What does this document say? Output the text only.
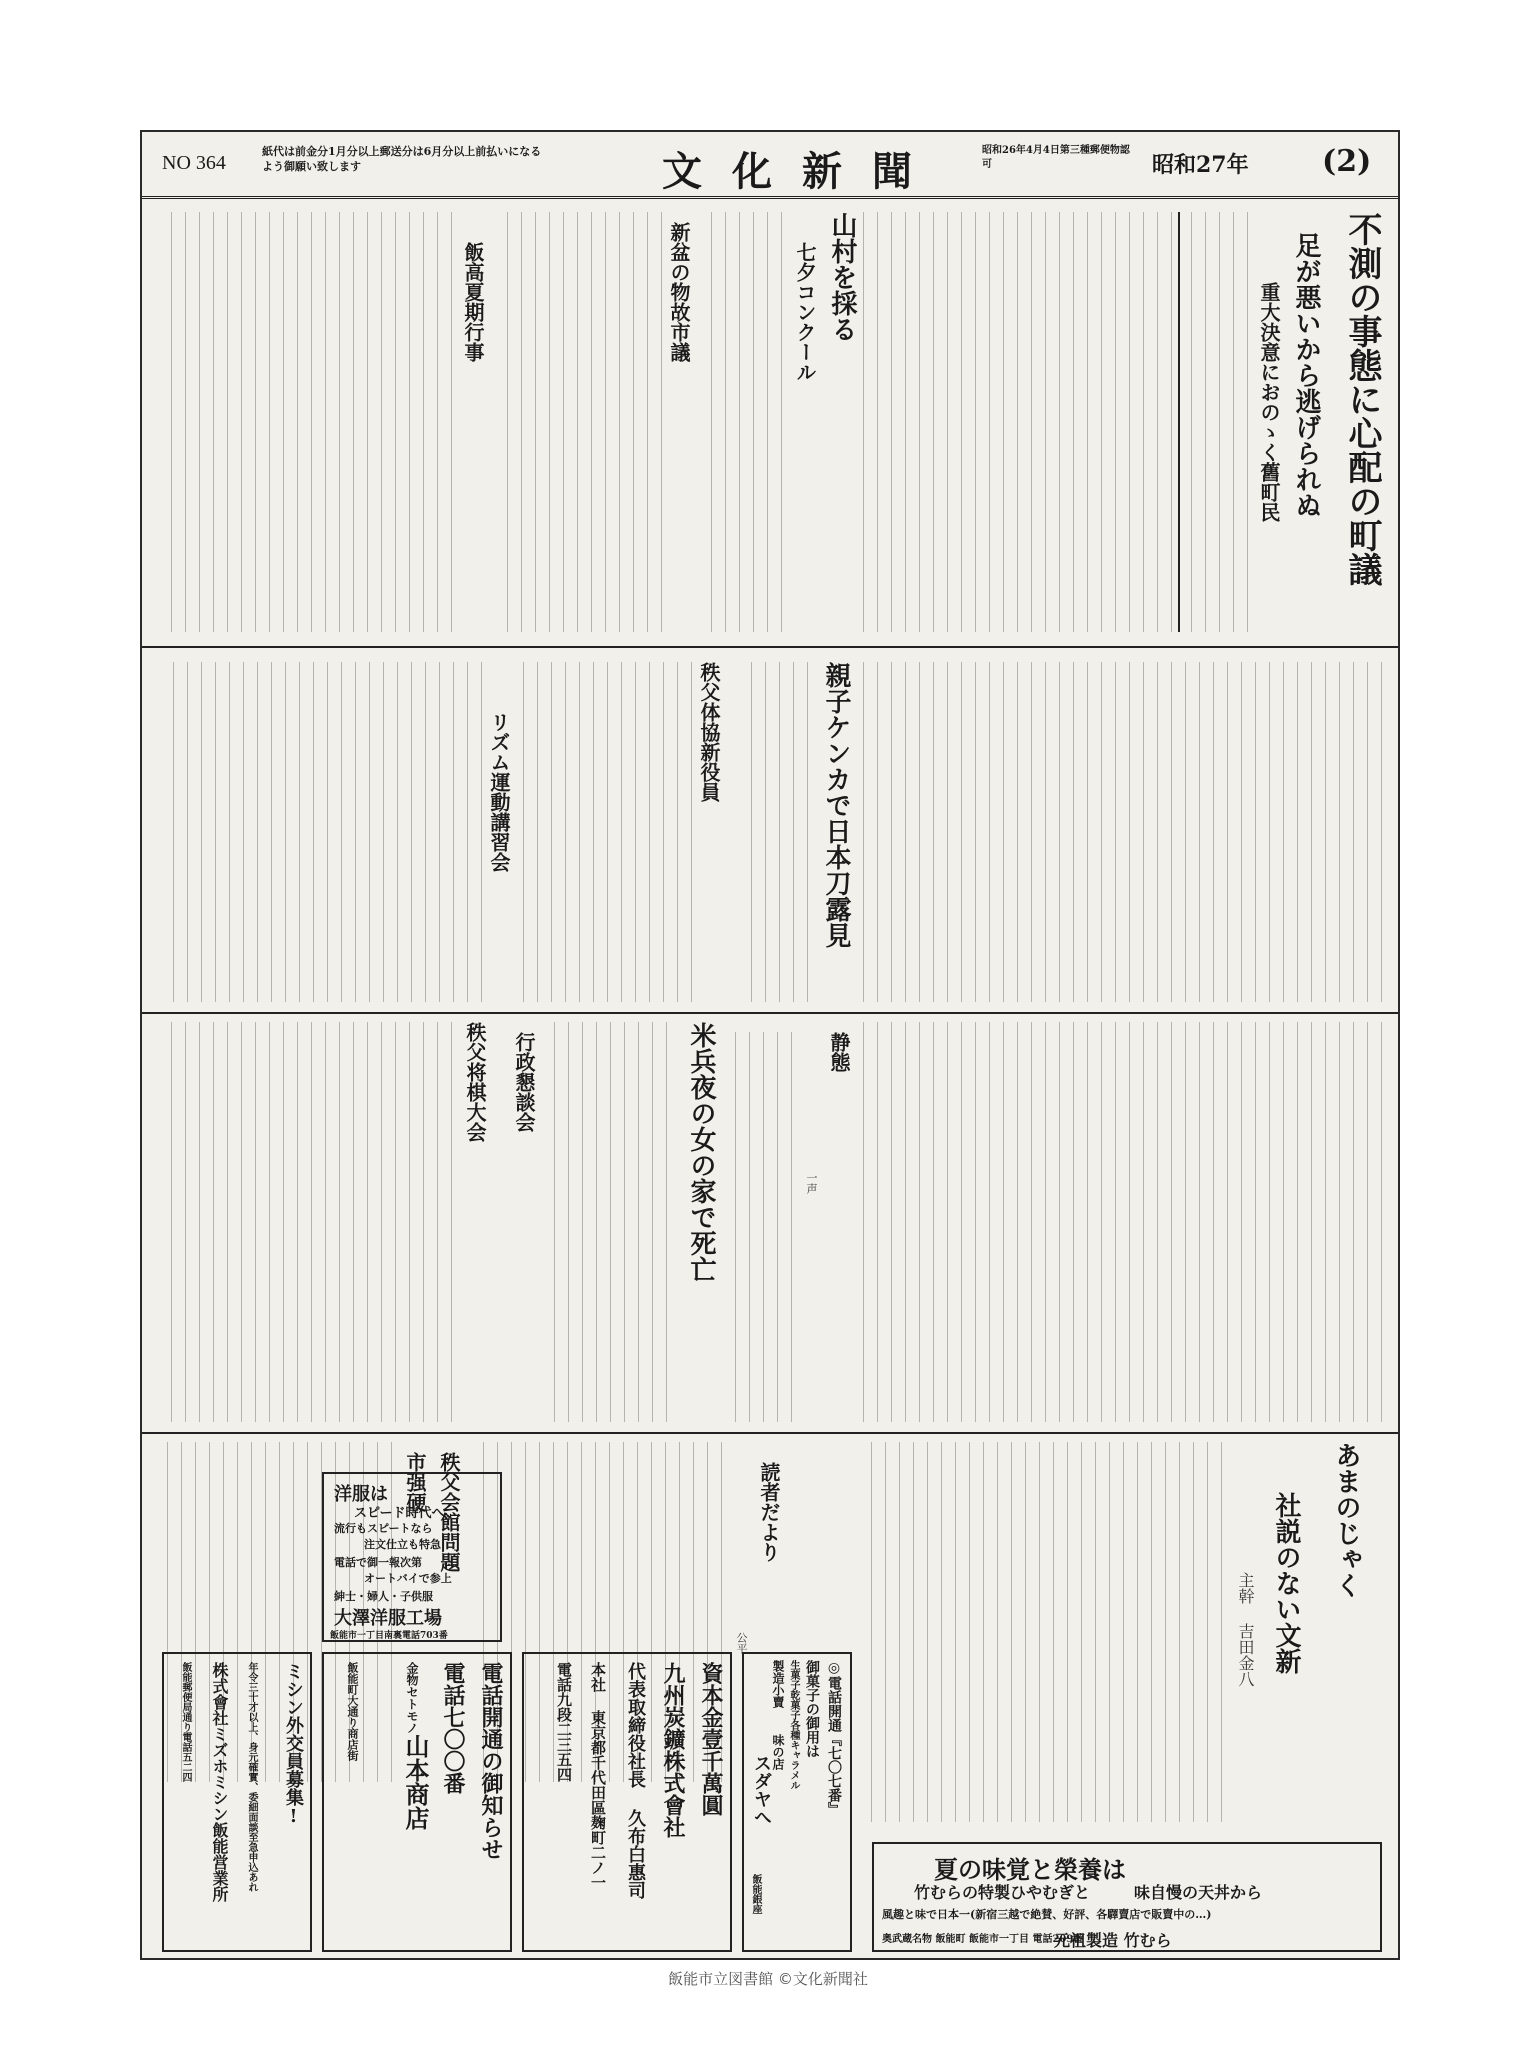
NO 364
紙代は前金分1月分以上郵送分は6月分以上前払いになるよう御願い致します	文化新聞	昭和26年4月4日第三種郵便物認可	昭和27年 (2)
不測の事態に心配の町議
足が悪いから逃げられぬ
重大決意におのゝく舊町民
山村を採る
七夕コンクール
新盆の物故市議
飯高夏期行事
親子ケンカで日本刀露見
秩父体協新役員
リズム運動講習会
静態
一声
米兵夜の女の家で死亡
行政懇談会
秩父将棋大会
あまのじゃく
社説のない文新
主幹 吉田金八
読者だより
公平
秩父会館問題
市强硬
夏の味覚と榮養は
竹むらの特製ひやむぎと	味自慢の天丼から
風趣と味で日本一(新宿三越で絶賛、好評、各驛賣店で販賣中の…)
元祖製造 竹むら
奥武蔵名物 飯能町 飯能市一丁目 電話209番
◎電話開通『七〇七番』
御菓子の御用は
生菓子乾菓子各種キャラメル
製造小賣
味の店
スダヤへ
飯能銀座
資本金壹千萬圓
九州炭鑛株式會社
代表取締役社長 久布白惠司
本社 東京都千代田區麹町二ノ一
電話九段二三五四
電話開通の御知らせ
電話七〇〇番
金物セトモノ
山本商店
飯能町大通り商店街
ミシン外交員募集!
年令三十才以上、身元確實、委細面談至急申込あれ
株式會社ミズホミシン飯能営業所
飯能郵便局通り電話五二四
洋服は
スピード時代へ
流行もスピートなら
注文仕立も特急
電話で御一報次第
オートバイで参上
紳士・婦人・子供服
大澤洋服工場
飯能市一丁目南裏電話703番
飯能市立図書館 ©文化新聞社
